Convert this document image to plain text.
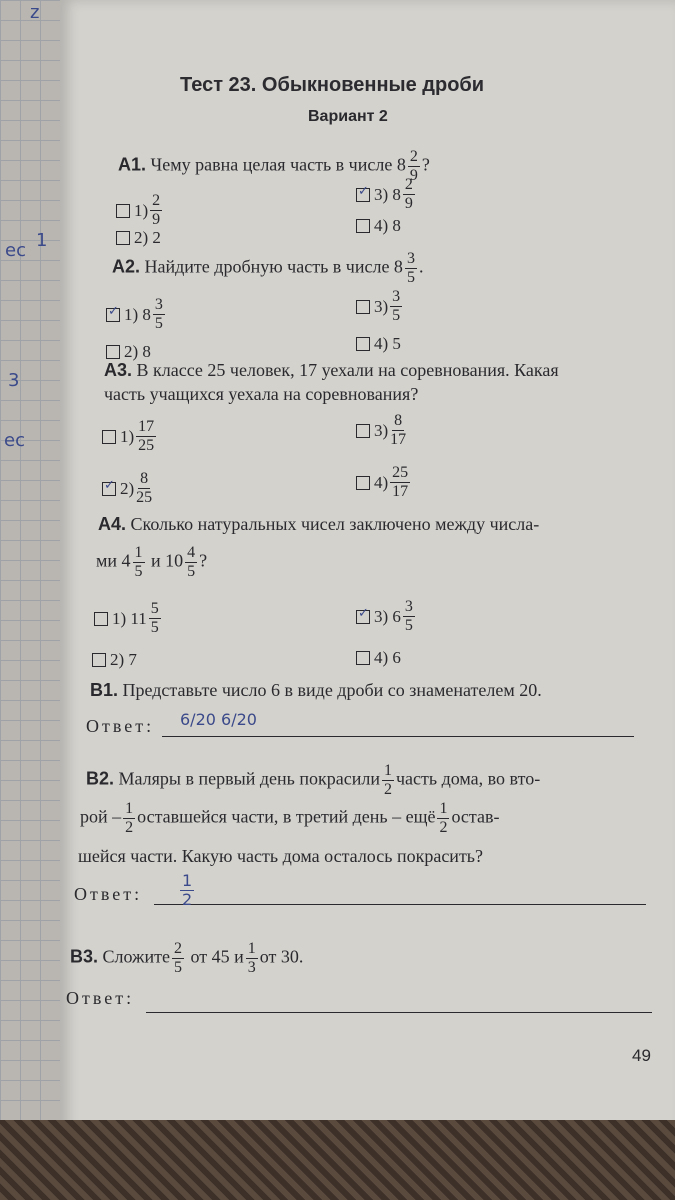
z
ec 1
3
ec
Тест 23. Обыкновенные дроби
Вариант 2
А1. Чему равна целая часть в числе $8 \frac{2}{9}$ ?
$1) \frac{2}{9}$
2) 2
✓ 3) $8 \frac{2}{9}$
4) 8
А2. Найдите дробную часть в числе $8 \frac{3}{5}$ .
✓ 1) $8 \frac{3}{5}$
2) 8
$3) \frac{3}{5}$
4) 5
А3. В классе 25 человек, 17 уехали на соревнования. Какая
часть учащихся уехала на соревнования?
$1) \frac{17}{25}$
✓ $2) \frac{8}{25}$
$3) \frac{8}{17}$
$4) \frac{25}{17}$
А4. Сколько натуральных чисел заключено между числа-
ми $4 \frac{1}{5}$ и $10 \frac{4}{5}$ ?
1) $11 \frac{5}{5}$
2) 7
✓ 3) $6 \frac{3}{5}$
4) 6
В1. Представьте число 6 в виде дроби со знаменателем 20.
Ответ: 6/20 6/20
В2. Маляры в первый день покрасили $\frac{1}{2}$ часть дома, во вто-
рой – $\frac{1}{2}$ оставшейся части, в третий день – ещё $\frac{1}{2}$ остав-
шейся части. Какую часть дома осталось покрасить?
Ответ: $\frac{1}{2}$
В3. Сложите $\frac{2}{5}$ от 45 и $\frac{1}{3}$ от 30.
Ответ:
49
